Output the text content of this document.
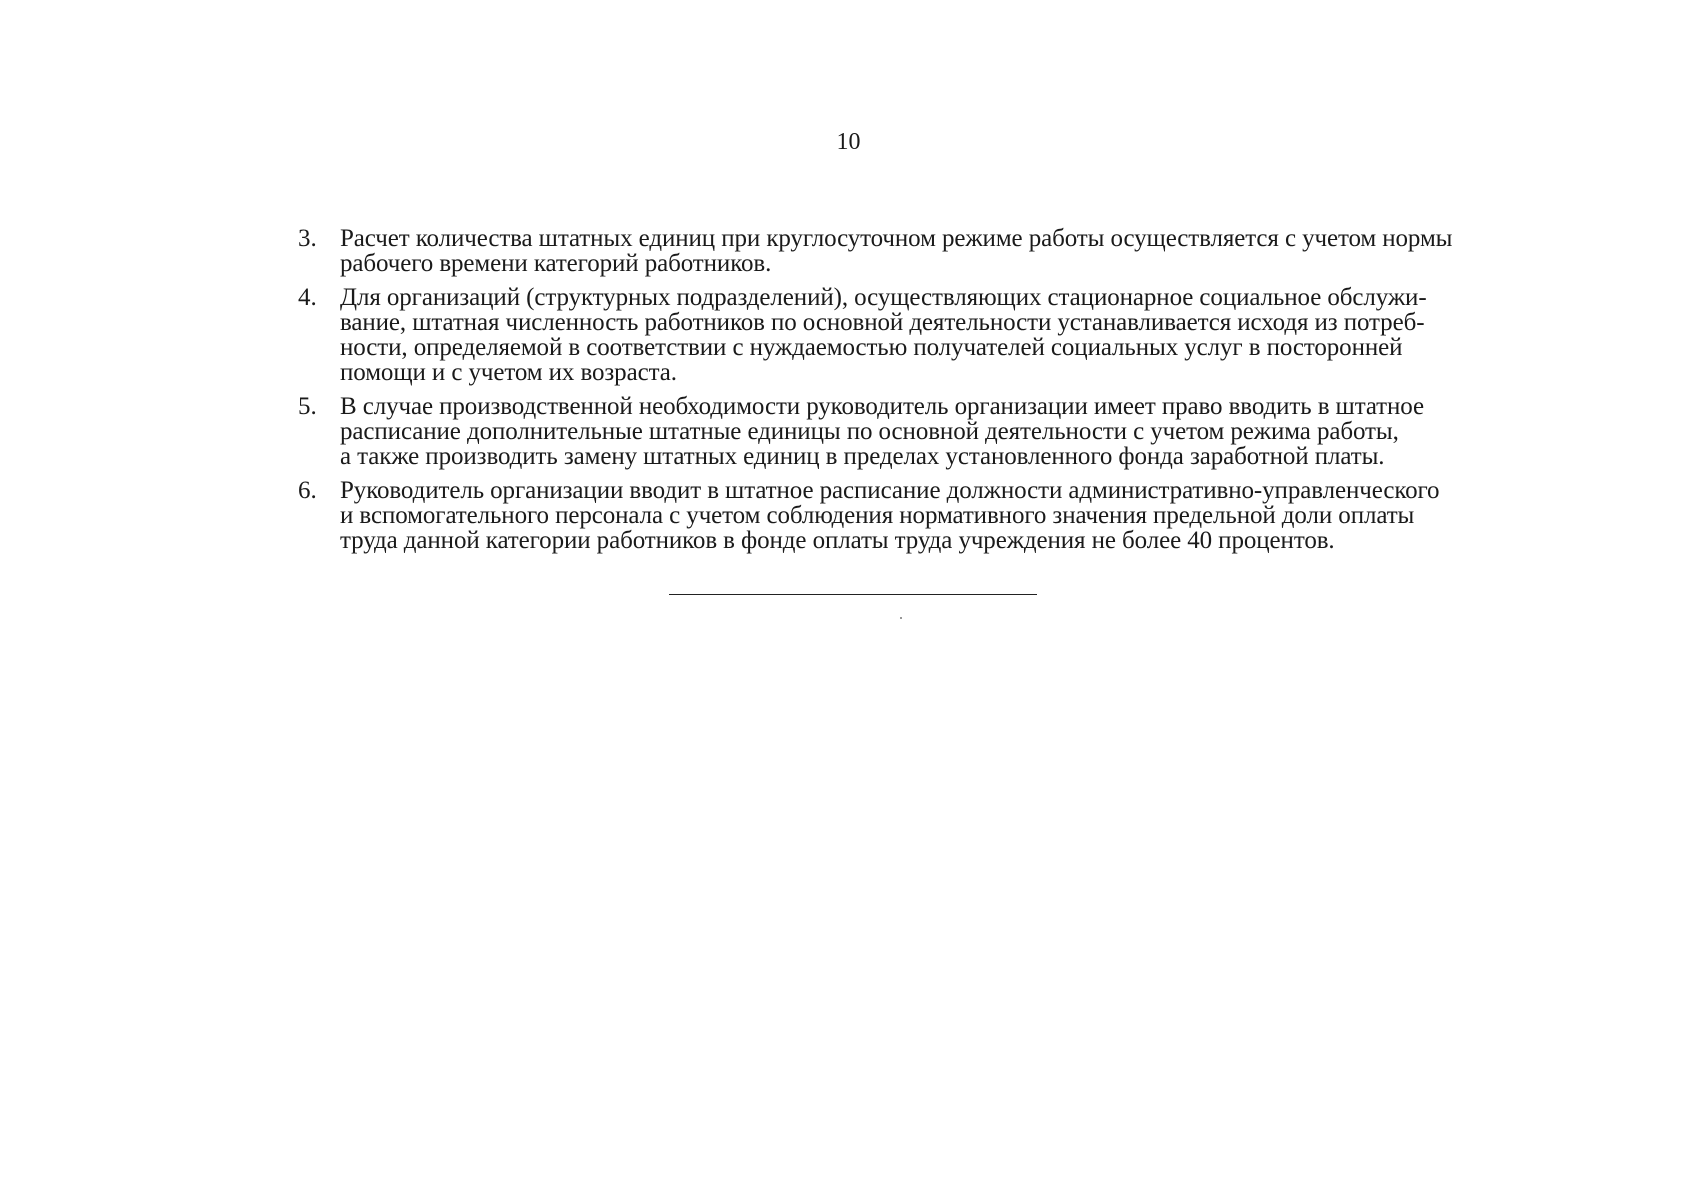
10
3. Расчет количества штатных единиц при круглосуточном режиме работы осуществляется с учетом нормы
рабочего времени категорий работников.
4. Для организаций (структурных подразделений), осуществляющих стационарное социальное обслужи-
вание, штатная численность работников по основной деятельности устанавливается исходя из потреб-
ности, определяемой в соответствии с нуждаемостью получателей социальных услуг в посторонней
помощи и с учетом их возраста.
5. В случае производственной необходимости руководитель организации имеет право вводить в штатное
расписание дополнительные штатные единицы по основной деятельности с учетом режима работы,
а также производить замену штатных единиц в пределах установленного фонда заработной платы.
6. Руководитель организации вводит в штатное расписание должности административно-управленческого
и вспомогательного персонала с учетом соблюдения нормативного значения предельной доли оплаты
труда данной категории работников в фонде оплаты труда учреждения не более 40 процентов.
